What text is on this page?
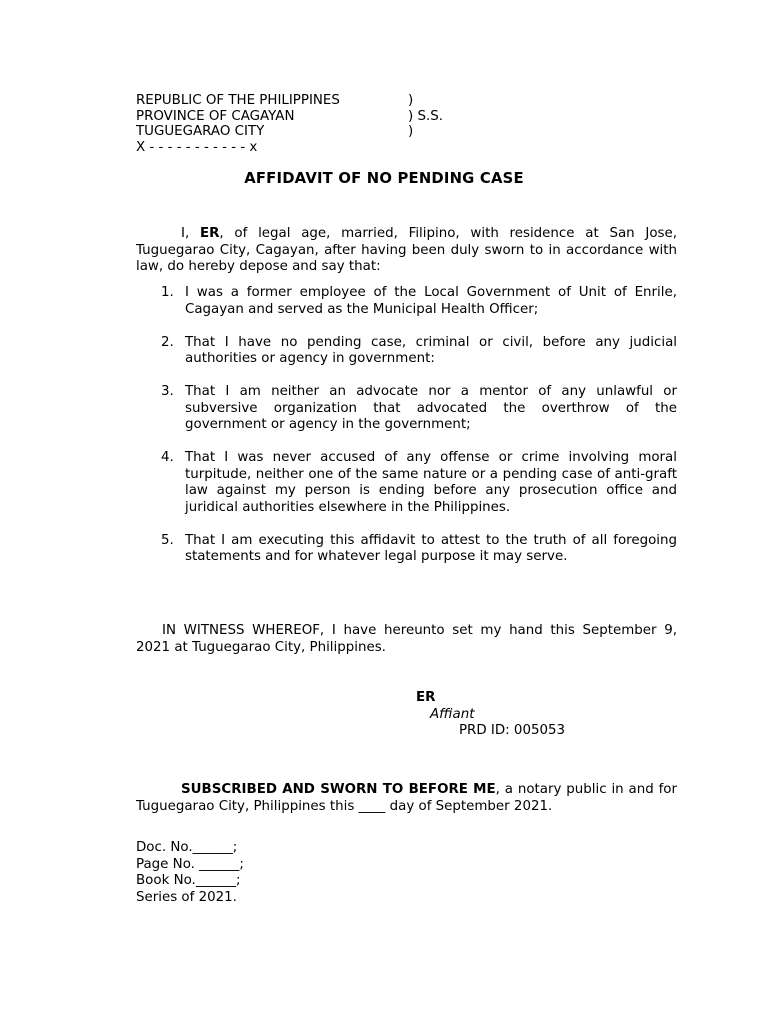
REPUBLIC OF THE PHILIPPINES	)
PROVINCE OF CAGAYAN	) S.S.
TUGUEGARAO CITY	)
X - - - - - - - - - - - x
AFFIDAVIT OF NO PENDING CASE

I, ER, of legal age, married, Filipino, with residence at San Jose, Tuguegarao City, Cagayan, after having been duly sworn to in accordance with law, do hereby depose and say that:

1. I was a former employee of the Local Government of Unit of Enrile, Cagayan and served as the Municipal Health Officer;
2. That I have no pending case, criminal or civil, before any judicial authorities or agency in government:
3. That I am neither an advocate nor a mentor of any unlawful or subversive organization that advocated the overthrow of the government or agency in the government;
4. That I was never accused of any offense or crime involving moral turpitude, neither one of the same nature or a pending case of anti-graft law against my person is ending before any prosecution office and juridical authorities elsewhere in the Philippines.
5. That I am executing this affidavit to attest to the truth of all foregoing statements and for whatever legal purpose it may serve.

IN WITNESS WHEREOF, I have hereunto set my hand this September 9, 2021 at Tuguegarao City, Philippines.

ER
Affiant
PRD ID: 005053

SUBSCRIBED AND SWORN TO BEFORE ME, a notary public in and for Tuguegarao City, Philippines this ____ day of September 2021.

Doc. No.______;
Page No. ______;
Book No.______;
Series of 2021.
